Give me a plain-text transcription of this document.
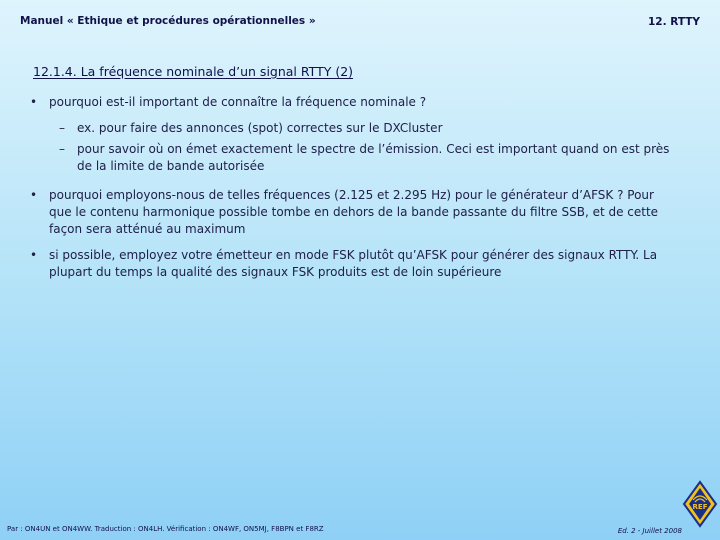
Manuel « Ethique et procédures opérationnelles »	12. RTTY
12.1.4. La fréquence nominale d’un signal RTTY (2)
• pourquoi est-il important de connaître la fréquence nominale ?
– ex. pour faire des annonces (spot) correctes sur le DXCluster
– pour savoir où on émet exactement le spectre de l’émission. Ceci est important quand on est près de la limite de bande autorisée
• pourquoi employons-nous de telles fréquences (2.125 et 2.295 Hz) pour le générateur d’AFSK ? Pour que le contenu harmonique possible tombe en dehors de la bande passante du filtre SSB, et de cette façon sera atténué au maximum
• si possible, employez votre émetteur en mode FSK plutôt qu’AFSK pour générer des signaux RTTY. La plupart du temps la qualité des signaux FSK produits est de loin supérieure
Par : ON4UN et ON4WW. Traduction : ON4LH. Vérification : ON4WF, ON5MJ, F8BPN et F8RZ	Ed. 2 - Juillet 2008
REF
